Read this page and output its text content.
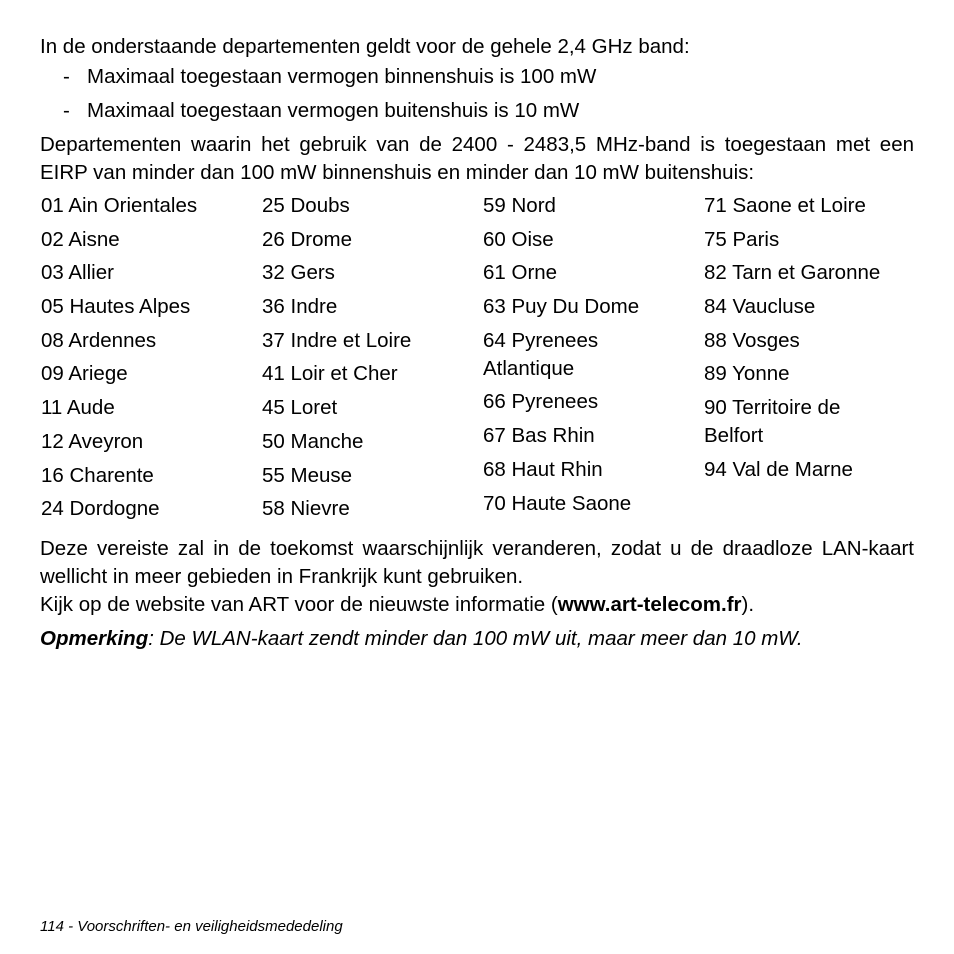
In de onderstaande departementen geldt voor de gehele 2,4 GHz band:

- Maximaal toegestaan vermogen binnenshuis is 100 mW
- Maximaal toegestaan vermogen buitenshuis is 10 mW

Departementen waarin het gebruik van de 2400 - 2483,5 MHz-band is toegestaan met een EIRP van minder dan 100 mW binnenshuis en minder dan 10 mW buitenshuis:

01 Ain Orientales
02 Aisne
03 Allier
05 Hautes Alpes
08 Ardennes
09 Ariege
11 Aude
12 Aveyron
16 Charente
24 Dordogne
25 Doubs
26 Drome
32 Gers
36 Indre
37 Indre et Loire
41 Loir et Cher
45 Loret
50 Manche
55 Meuse
58 Nievre
59 Nord
60 Oise
61 Orne
63 Puy Du Dome
64 Pyrenees Atlantique
66 Pyrenees
67 Bas Rhin
68 Haut Rhin
70 Haute Saone
71 Saone et Loire
75 Paris
82 Tarn et Garonne
84 Vaucluse
88 Vosges
89 Yonne
90 Territoire de Belfort
94 Val de Marne

Deze vereiste zal in de toekomst waarschijnlijk veranderen, zodat u de draadloze LAN-kaart wellicht in meer gebieden in Frankrijk kunt gebruiken.

Kijk op de website van ART voor de nieuwste informatie (www.art-telecom.fr).

Opmerking: De WLAN-kaart zendt minder dan 100 mW uit, maar meer dan 10 mW.

114 - Voorschriften- en veiligheidsmededeling
